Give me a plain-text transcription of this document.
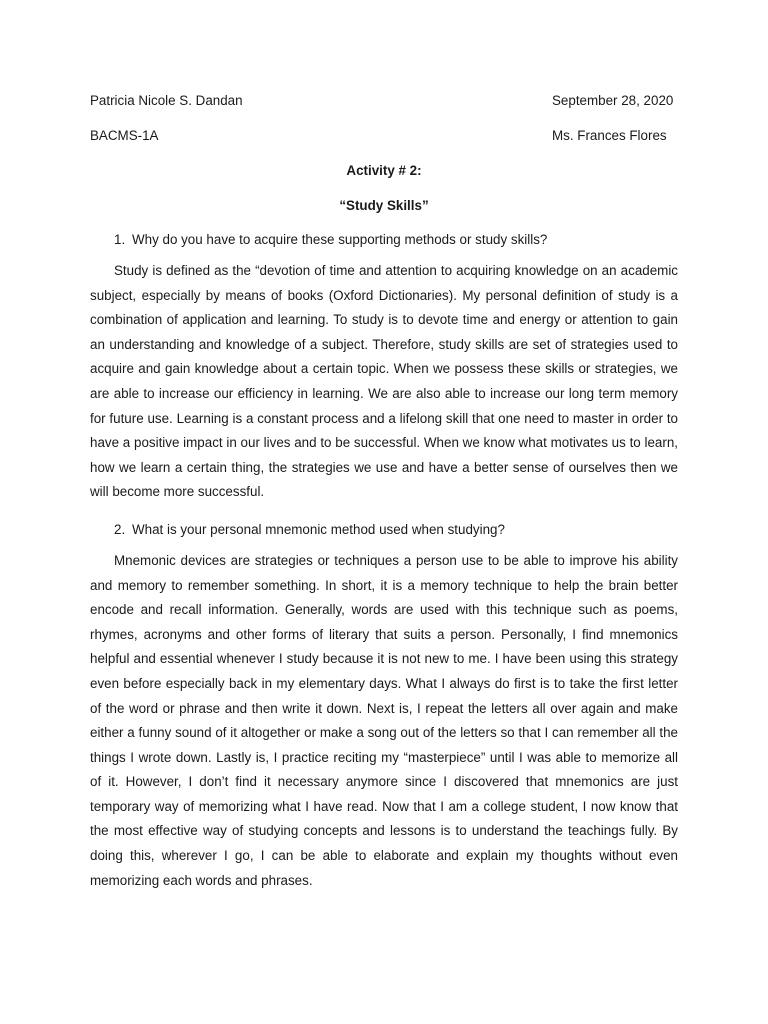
Patricia Nicole S. Dandan	September 28, 2020
BACMS-1A	Ms. Frances Flores
Activity # 2:
“Study Skills”
1. Why do you have to acquire these supporting methods or study skills?

Study is defined as the “devotion of time and attention to acquiring knowledge on an academic subject, especially by means of books (Oxford Dictionaries). My personal definition of study is a combination of application and learning. To study is to devote time and energy or attention to gain an understanding and knowledge of a subject. Therefore, study skills are set of strategies used to acquire and gain knowledge about a certain topic. When we possess these skills or strategies, we are able to increase our efficiency in learning. We are also able to increase our long term memory for future use. Learning is a constant process and a lifelong skill that one need to master in order to have a positive impact in our lives and to be successful. When we know what motivates us to learn, how we learn a certain thing, the strategies we use and have a better sense of ourselves then we will become more successful.

2. What is your personal mnemonic method used when studying?

Mnemonic devices are strategies or techniques a person use to be able to improve his ability and memory to remember something. In short, it is a memory technique to help the brain better encode and recall information. Generally, words are used with this technique such as poems, rhymes, acronyms and other forms of literary that suits a person. Personally, I find mnemonics helpful and essential whenever I study because it is not new to me. I have been using this strategy even before especially back in my elementary days. What I always do first is to take the first letter of the word or phrase and then write it down. Next is, I repeat the letters all over again and make either a funny sound of it altogether or make a song out of the letters so that I can remember all the things I wrote down. Lastly is, I practice reciting my “masterpiece” until I was able to memorize all of it. However, I don’t find it necessary anymore since I discovered that mnemonics are just temporary way of memorizing what I have read. Now that I am a college student, I now know that the most effective way of studying concepts and lessons is to understand the teachings fully. By doing this, wherever I go, I can be able to elaborate and explain my thoughts without even memorizing each words and phrases.
